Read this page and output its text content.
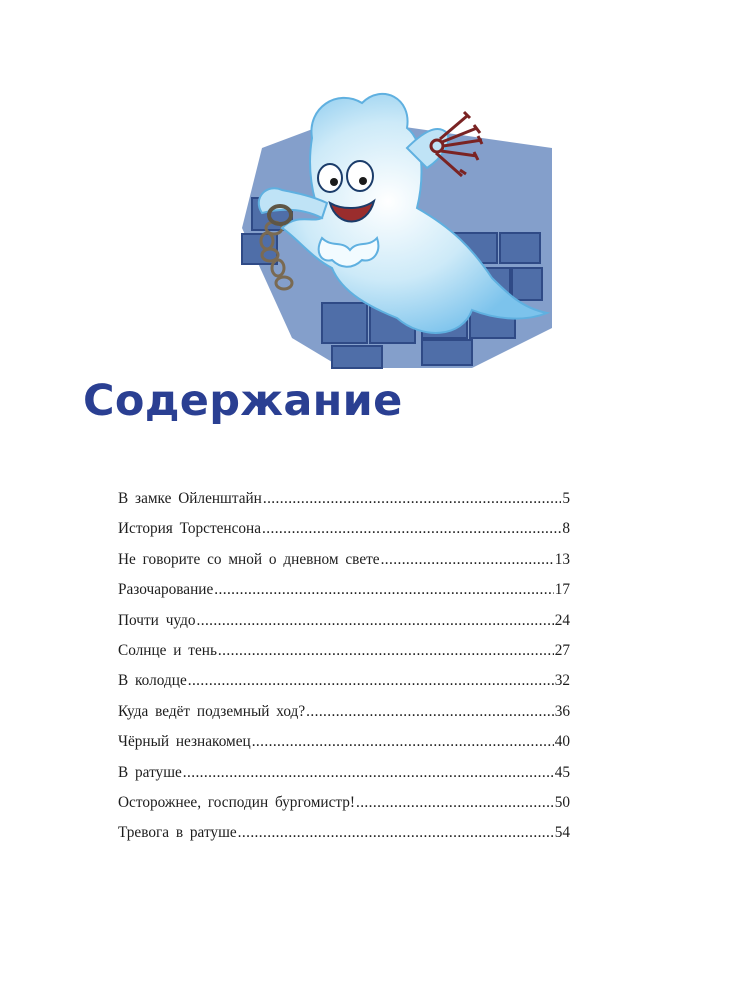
Содержание
В замке Ойленштайн .....	5
История Торстенсона .....	8
Не говорите со мной о дневном свете .....	13
Разочарование .....	17
Почти чудо .....	24
Солнце и тень .....	27
В колодце .....	32
Куда ведёт подземный ход? .....	36
Чёрный незнакомец .....	40
В ратуше .....	45
Осторожнее, господин бургомистр! .....	50
Тревога в ратуше .....	54
